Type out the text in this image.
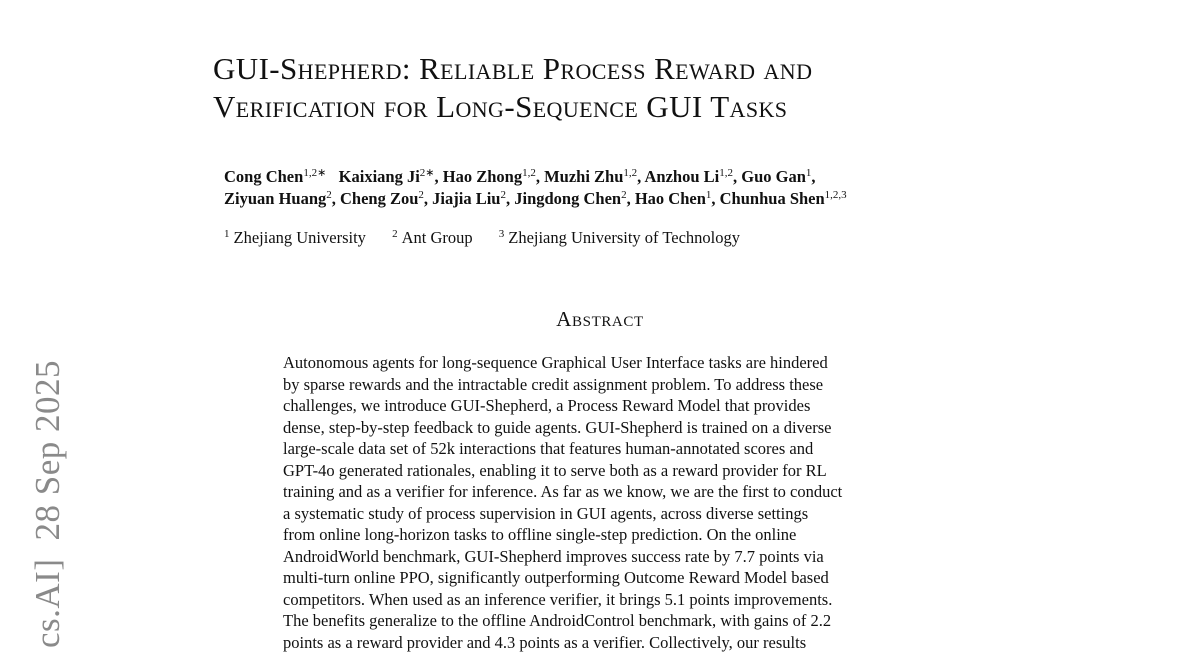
cs.AI]28 Sep 2025
GUI-Shepherd: Reliable Process Reward and
Verification for Long-Sequence GUI Tasks
Cong Chen$^{1,2∗}$ Kaixiang $Ji^{2∗}$, Hao Zhong$^{1,2}$, Muzhi Zhu$^{1,2}$, Anzhou Li$^{1,2}$, Guo Gan$^1$,
Ziyuan Huang$^2$, Cheng Zou$^2$, Jiajia Liu$^2$, Jingdong Chen$^2$, Hao Chen$^1$, Chunhua Shen$^{1,2,3}$
$^1$ Zhejiang University $^2$ Ant Group $^3$ Zhejiang University of Technology
Abstract
Autonomous agents for long-sequence Graphical User Interface tasks are hindered
by sparse rewards and the intractable credit assignment problem. To address these
challenges, we introduce GUI-Shepherd, a Process Reward Model that provides
dense, step-by-step feedback to guide agents. GUI-Shepherd is trained on a diverse
large-scale data set of 52k interactions that features human-annotated scores and
GPT-4o generated rationales, enabling it to serve both as a reward provider for RL
training and as a verifier for inference. As far as we know, we are the first to conduct
a systematic study of process supervision in GUI agents, across diverse settings
from online long-horizon tasks to offline single-step prediction. On the online
AndroidWorld benchmark, GUI-Shepherd improves success rate by 7.7 points via
multi-turn online PPO, significantly outperforming Outcome Reward Model based
competitors. When used as an inference verifier, it brings 5.1 points improvements.
The benefits generalize to the offline AndroidControl benchmark, with gains of 2.2
points as a reward provider and 4.3 points as a verifier. Collectively, our results
